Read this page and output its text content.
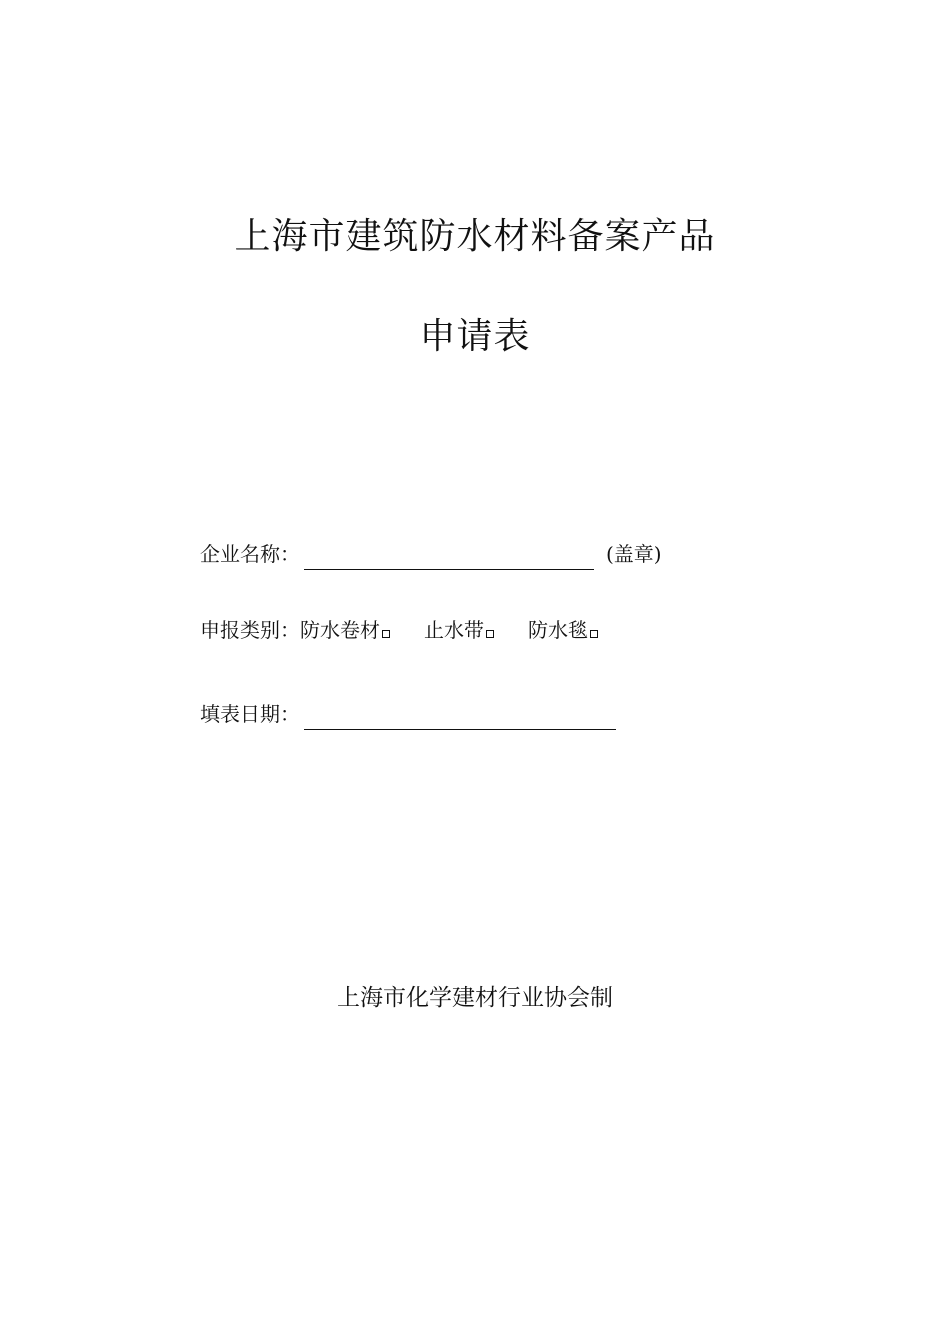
上海市建筑防水材料备案产品
申请表
企业名称：	(盖章)
申报类别： 防水卷材 止水带 防水毯
填表日期：
上海市化学建材行业协会制
